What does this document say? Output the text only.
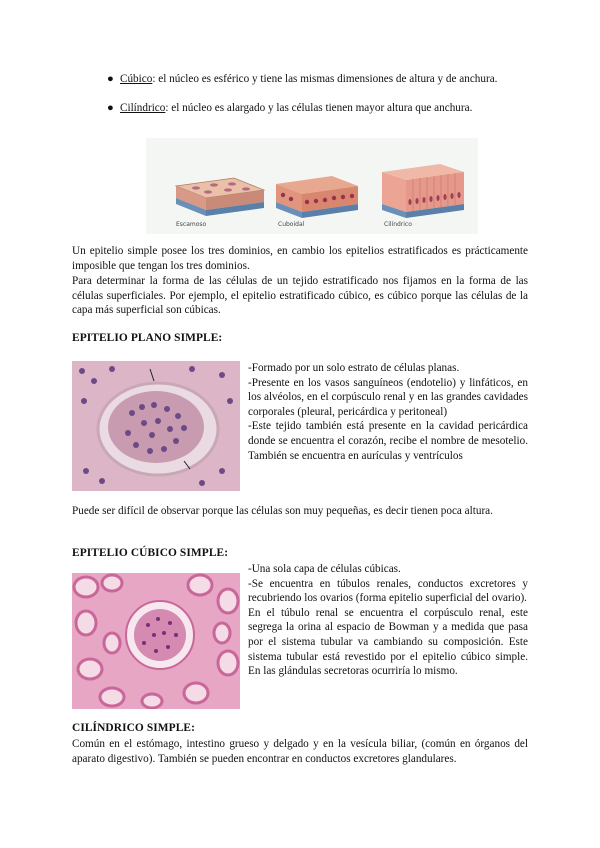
● Cúbico: el núcleo es esférico y tiene las mismas dimensiones de altura y de anchura.
● Cilíndrico: el núcleo es alargado y las células tienen mayor altura que anchura.
Escamoso	Cuboidal	Cilíndrico
Un epitelio simple posee los tres dominios, en cambio los epitelios estratificados es prácticamente imposible que tengan los tres dominios.
Para determinar la forma de las células de un tejido estratificado nos fijamos en la forma de las células superficiales. Por ejemplo, el epitelio estratificado cúbico, es cúbico porque las células de la capa más superficial son cúbicas.
EPITELIO PLANO SIMPLE:

-Formado por un solo estrato de células planas.

-Presente en los vasos sanguíneos (endotelio) y linfáticos, en los alvéolos, en el corpúsculo renal y en las grandes cavidades corporales (pleural, pericárdica y peritoneal)

-Este tejido también está presente en la cavidad pericárdica donde se encuentra el corazón, recibe el nombre de mesotelio. También se encuentra en aurículas y ventrículos

Puede ser difícil de observar porque las células son muy pequeñas, es decir tienen poca altura.
EPITELIO CÚBICO SIMPLE:

-Una sola capa de células cúbicas.

-Se encuentra en túbulos renales, conductos excretores y recubriendo los ovarios (forma epitelio superficial del ovario).

En el túbulo renal se encuentra el corpúsculo renal, este segrega la orina al espacio de Bowman y a medida que pasa por el sistema tubular va cambiando su composición. Este sistema tubular está revestido por el epitelio cúbico simple. En las glándulas secretoras ocurriría lo mismo.

CILÍNDRICO SIMPLE:
Común en el estómago, intestino grueso y delgado y en la vesícula biliar, (común en órganos del aparato digestivo). También se pueden encontrar en conductos excretores glandulares.
